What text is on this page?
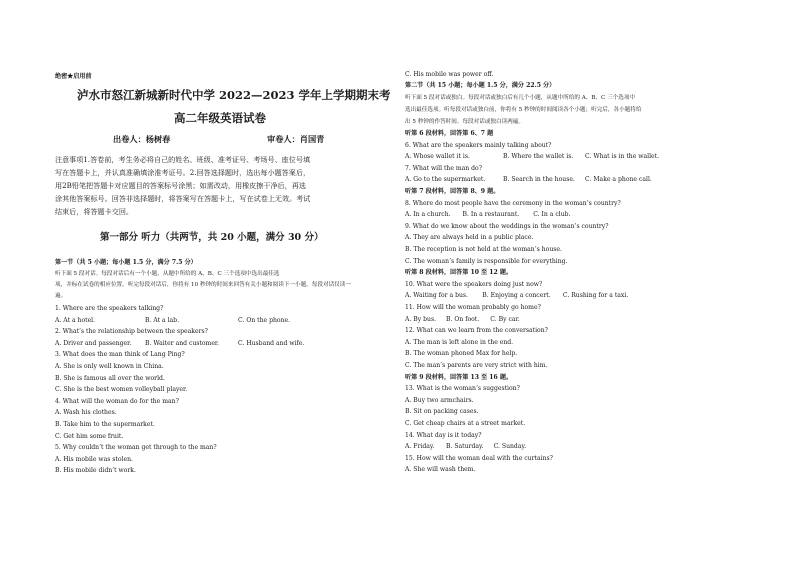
绝密★启用前
泸水市怒江新城新时代中学 2022—2023 学年上学期期末考
高二年级英语试卷
出卷人：杨树春	审卷人：肖国青
注意事项1.答卷前，考生务必将自己的姓名、班级、准考证号、考场号、座位号填
写在答题卡上，并认真准确填涂准考证号。2.回答选择题时，选出每小题答案后，
用2B铅笔把答题卡对应题目的答案标号涂黑；如需改动，用橡皮擦干净后，再选
涂其他答案标号。回答非选择题时，将答案写在答题卡上，写在试卷上无效。考试
结束后，将答题卡交回。
第一部分 听力（共两节，共 20 小题，满分 30 分）
第一节（共 5 小题；每小题 1.5 分，满分 7.5 分）
听下面 5 段对话。每段对话后有一个小题，从题中所给的 A、B、C 三个选项中选出最佳选
项，并标在试卷的相应位置。听完每段对话后，你将有 10 秒钟的时间来回答有关小题和阅读下一小题。每段对话仅读一
遍。
1. Where are the speakers talking?
A. At a hotel.	B. At a lab.	C. On the phone.
2. What’s the relationship between the speakers?
A. Driver and passenger. B. Waiter and customer.	C. Husband and wife.
3. What does the man think of Lang Ping?
A. She is only well known in China.
B. She is famous all over the world.
C. She is the best women volleyball player.
4. What will the woman do for the man?
A. Wash his clothes.
B. Take him to the supermarket.
C. Get him some fruit.
5. Why couldn’t the woman get through to the man?
A. His mobile was stolen.
B. His mobile didn’t work.
C. His mobile was power off.
第二节（共 15 小题；每小题 1.5 分，满分 22.5 分）
听下面 5 段对话或独白。每段对话或独白后有几个小题，从题中所给的 A、B、C 三个选项中
选出最佳选项。听每段对话或独白前，你将有 5 秒钟的时间阅读各个小题；听完后，各小题将给
出 5 秒钟的作答时间。每段对话或独白读两遍。
听第 6 段材料，回答第 6、7 题
6. What are the speakers mainly talking about?
A. Whose wallet it is.	B. Where the wallet is. C. What is in the wallet.
7. What will the man do?
A. Go to the supermarket.	B. Search in the house. C. Make a phone call.
听第 7 段材料，回答第 8、9 题。
8. Where do most people have the ceremony in the woman’s country?
A. In a church. B. In a restaurant. C. In a club.
9. What do we know about the weddings in the woman’s country?
A. They are always held in a public place.
B. The reception is not held at the woman’s house.
C. The woman’s family is responsible for everything.
听第 8 段材料，回答第 10 至 12 题。
10. What were the speakers doing just now?
A. Waiting for a bus. B. Enjoying a concert. C. Rushing for a taxi.
11. How will the woman probably go home?
A. By bus. B. On foot. C. By car.
12. What can we learn from the conversation?
A. The man is left alone in the end.
B. The woman phoned Max for help.
C. The man’s parents are very strict with him.
听第 9 段材料，回答第 13 至 16 题。
13. What is the woman’s suggestion?
A. Buy two armchairs.
B. Sit on packing cases.
C. Get cheap chairs at a street market.
14. What day is it today?
A. Friday. B. Saturday. C. Sunday.
15. How will the woman deal with the curtains?
A. She will wash them.
